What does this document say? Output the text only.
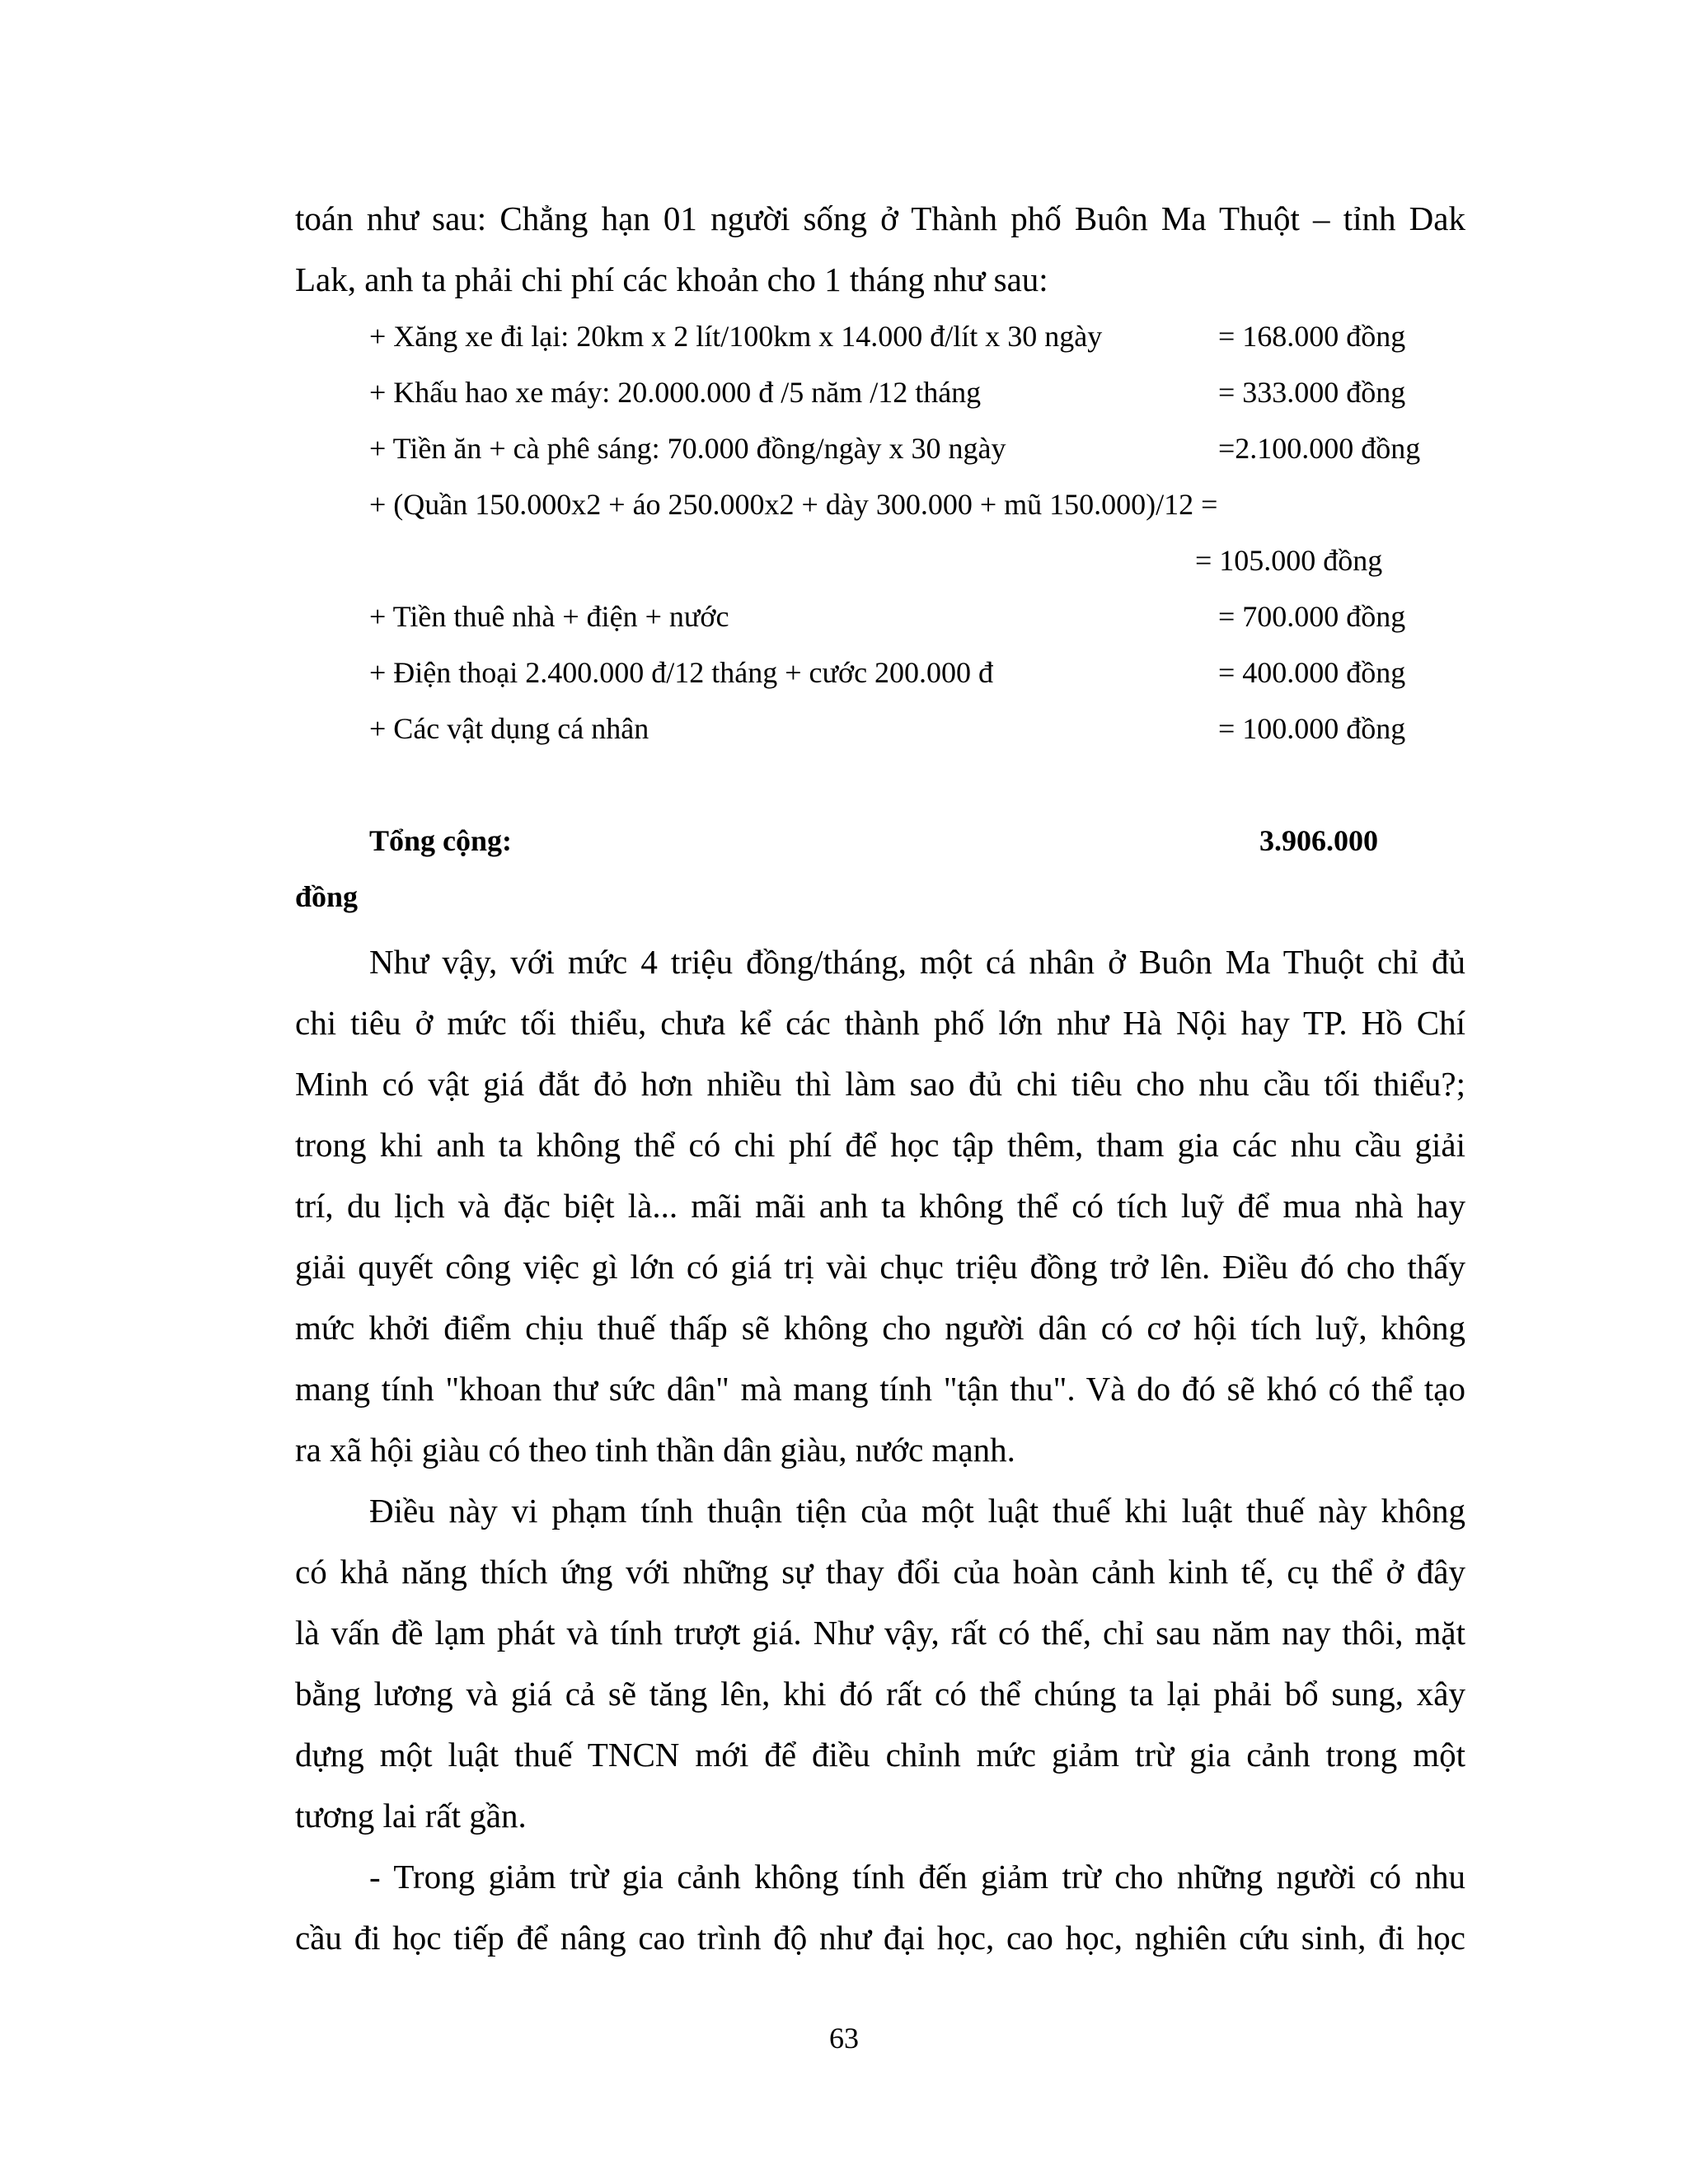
toán như sau: Chẳng hạn 01 người sống ở Thành phố Buôn Ma Thuột – tỉnh Dak
Lak, anh ta phải chi phí các khoản cho 1 tháng như sau:
+ Xăng xe đi lại: 20km x 2 lít/100km x 14.000 đ/lít x 30 ngày	= 168.000 đồng
+ Khấu hao xe máy: 20.000.000 đ /5 năm /12 tháng	= 333.000 đồng
+ Tiền ăn + cà phê sáng: 70.000 đồng/ngày x 30 ngày	=2.100.000 đồng
+ (Quần 150.000x2 + áo 250.000x2 + dày 300.000 + mũ 150.000)/12 =
= 105.000 đồng
+ Tiền thuê nhà + điện + nước	= 700.000 đồng
+ Điện thoại 2.400.000 đ/12 tháng + cước 200.000 đ	= 400.000 đồng
+ Các vật dụng cá nhân	= 100.000 đồng
Tổng cộng:	3.906.000
đồng
Như vậy, với mức 4 triệu đồng/tháng, một cá nhân ở Buôn Ma Thuột chỉ đủ
chi tiêu ở mức tối thiểu, chưa kể các thành phố lớn như Hà Nội hay TP. Hồ Chí
Minh có vật giá đắt đỏ hơn nhiều thì làm sao đủ chi tiêu cho nhu cầu tối thiểu?;
trong khi anh ta không thể có chi phí để học tập thêm, tham gia các nhu cầu giải
trí, du lịch và đặc biệt là... mãi mãi anh ta không thể có tích luỹ để mua nhà hay
giải quyết công việc gì lớn có giá trị vài chục triệu đồng trở lên. Điều đó cho thấy
mức khởi điểm chịu thuế thấp sẽ không cho người dân có cơ hội tích luỹ, không
mang tính "khoan thư sức dân" mà mang tính "tận thu". Và do đó sẽ khó có thể tạo
ra xã hội giàu có theo tinh thần dân giàu, nước mạnh.
Điều này vi phạm tính thuận tiện của một luật thuế khi luật thuế này không
có khả năng thích ứng với những sự thay đổi của hoàn cảnh kinh tế, cụ thể ở đây
là vấn đề lạm phát và tính trượt giá. Như vậy, rất có thế, chỉ sau năm nay thôi, mặt
bằng lương và giá cả sẽ tăng lên, khi đó rất có thể chúng ta lại phải bổ sung, xây
dựng một luật thuế TNCN mới để điều chỉnh mức giảm trừ gia cảnh trong một
tương lai rất gần.
- Trong giảm trừ gia cảnh không tính đến giảm trừ cho những người có nhu
cầu đi học tiếp để nâng cao trình độ như đại học, cao học, nghiên cứu sinh, đi học
63
